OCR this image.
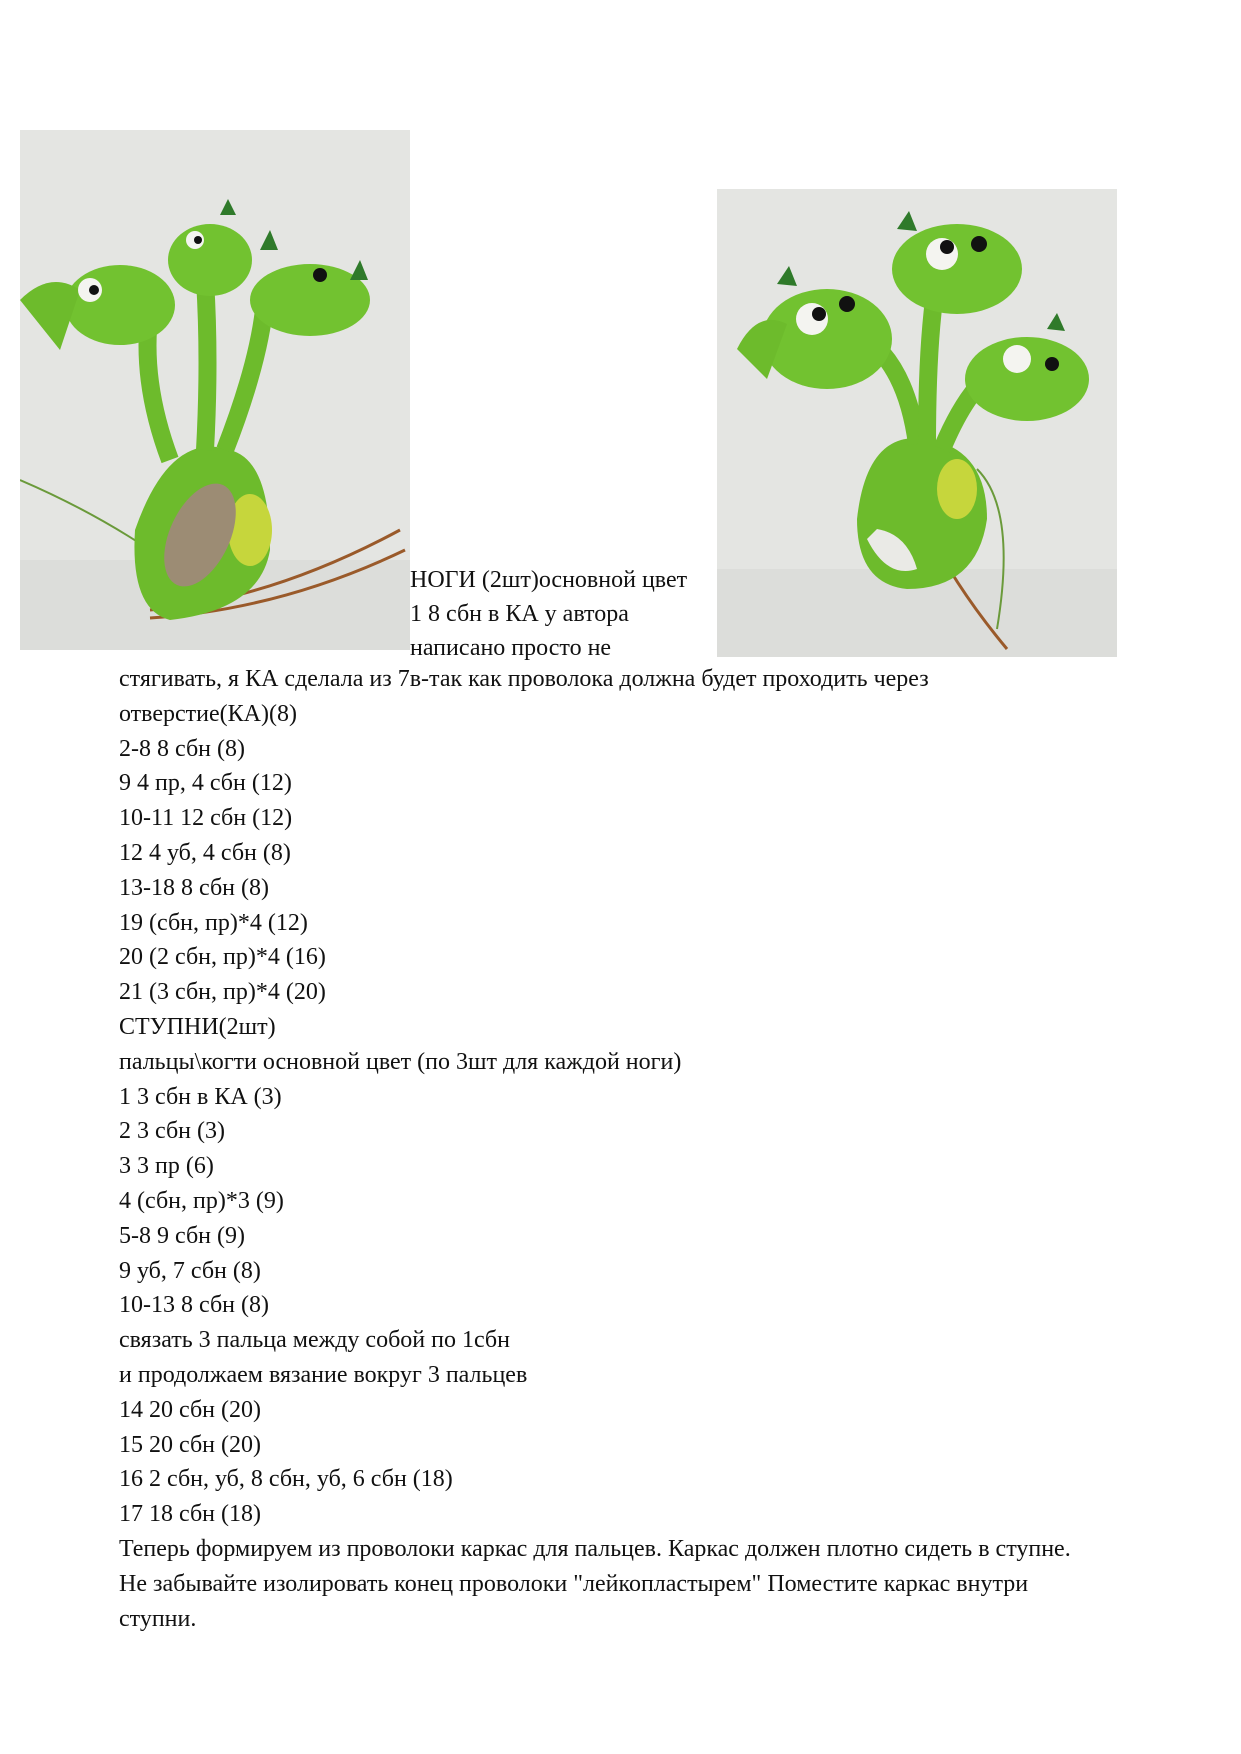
НОГИ (2шт)основной цвет
1 8 сбн в КА у автора
написано просто не
стягивать, я КА сделала из 7в-так как проволока должна будет проходить через
отверстие(КА)(8)
2-8 8 сбн (8)
9 4 пр, 4 сбн (12)
10-11 12 сбн (12)
12 4 уб, 4 сбн (8)
13-18 8 сбн (8)
19 (сбн, пр)*4 (12)
20 (2 сбн, пр)*4 (16)
21 (3 сбн, пр)*4 (20)
СТУПНИ(2шт)
пальцы\когти основной цвет (по 3шт для каждой ноги)
1 3 сбн в КА (3)
2 3 сбн (3)
3 3 пр (6)
4 (сбн, пр)*3 (9)
5-8 9 сбн (9)
9 уб, 7 сбн (8)
10-13 8 сбн (8)
связать 3 пальца между собой по 1сбн
и продолжаем вязание вокруг 3 пальцев
14 20 сбн (20)
15 20 сбн (20)
16 2 сбн, уб, 8 сбн, уб, 6 сбн (18)
17 18 сбн (18)
Теперь формируем из проволоки каркас для пальцев. Каркас должен плотно сидеть в ступне.
Не забывайте изолировать конец проволоки "лейкопластырем" Поместите каркас внутри
ступни.
